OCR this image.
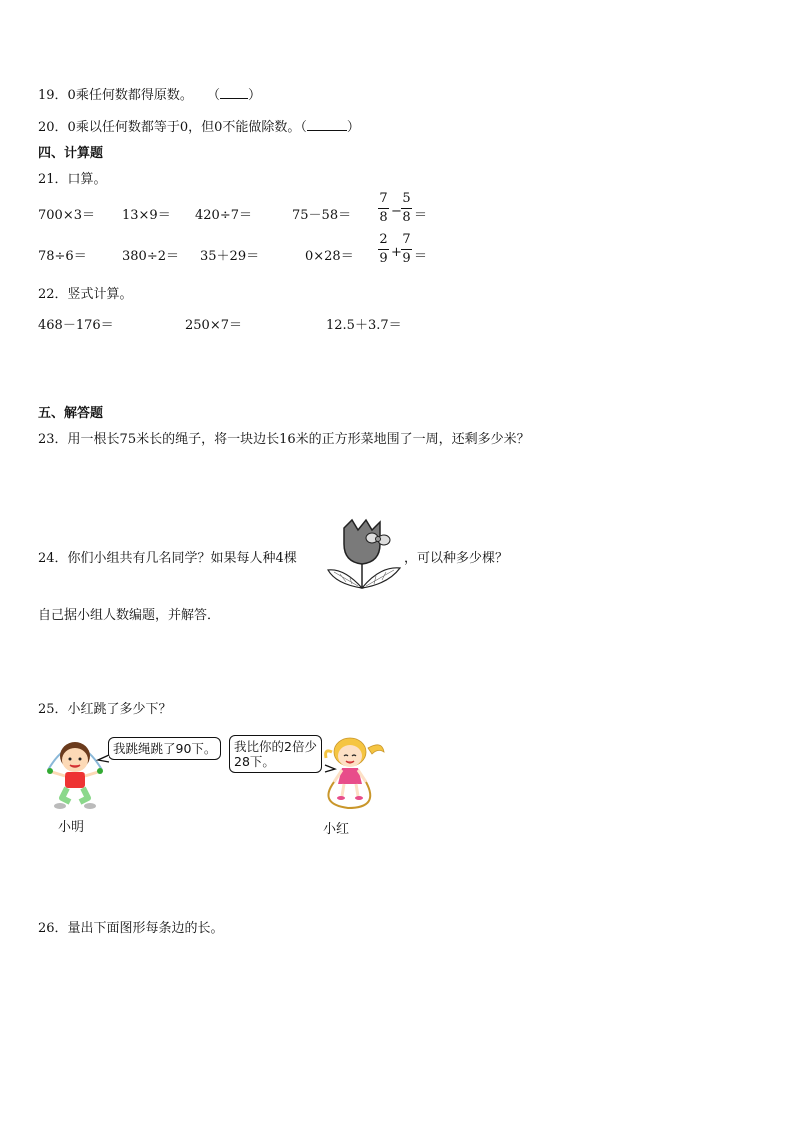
19．0乘任何数都得原数。 （ ）
20．0乘以任何数都等于0，但0不能做除数。（	）
四、计算题
21．口算。
700×3＝ 13×9＝ 420÷7＝	75－58＝
7
8 −
5
8 ＝
78÷6＝	380÷2＝ 35＋29＝	0×28＝
2
9 +
7
9 ＝
22．竖式计算。
468－176＝	250×7＝	12.5＋3.7＝
五、解答题
23．用一根长75米长的绳子，将一块边长16米的正方形菜地围了一周，还剩多少米？
24．你们小组共有几名同学？如果每人种4棵	，可以种多少棵？
自己据小组人数编题，并解答．
25．小红跳了多少下？
我跳绳跳了90下。	我比你的2倍少
28下。
小明	小红
26．量出下面图形每条边的长。
